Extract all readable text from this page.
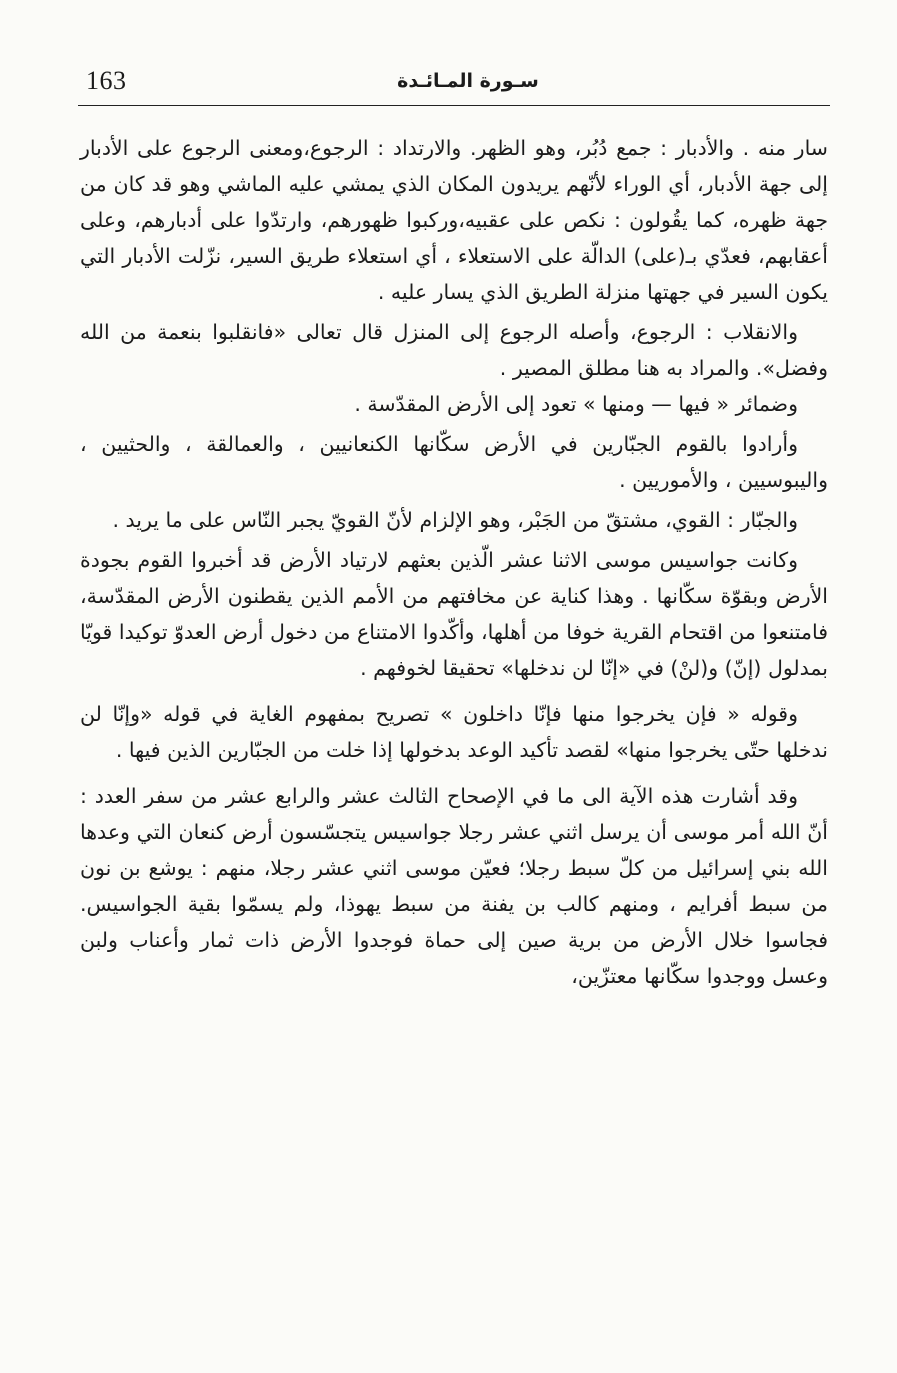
163	سـورة المـائـدة

سار منه . والأدبار : جمع دُبُر، وهو الظهر. والارتداد : الرجوع،ومعنى الرجوع على الأدبار إلى جهة الأدبار، أي الوراء لأنّهم يريدون المكان الذي يمشي عليه الماشي وهو قد كان من جهة ظهره، كما يقُولون : نكص على عقبيه،وركبوا ظهورهم، وارتدّوا على أدبارهم، وعلى أعقابهم، فعدّي بـ(على) الدالّة على الاستعلاء ، أي استعلاء طريق السير، نزّلت الأدبار التي يكون السير في جهتها منزلة الطريق الذي يسار عليه .

والانقلاب : الرجوع، وأصله الرجوع إلى المنزل قال تعالى «فانقلبوا بنعمة من الله وفضل». والمراد به هنا مطلق المصير .

وضمائر « فيها — ومنها » تعود إلى الأرض المقدّسة .

وأرادوا بالقوم الجبّارين في الأرض سكّانها الكنعانيين ، والعمالقة ، والحثيين ، واليبوسيين ، والأموريين .

والجبّار : القوي، مشتقّ من الجَبْر، وهو الإلزام لأنّ القويّ يجبر النّاس على ما يريد .

وكانت جواسيس موسى الاثنا عشر الّذين بعثهم لارتياد الأرض قد أخبروا القوم بجودة الأرض وبقوّة سكّانها . وهذا كناية عن مخافتهم من الأمم الذين يقطنون الأرض المقدّسة، فامتنعوا من اقتحام القرية خوفا من أهلها، وأكّدوا الامتناع من دخول أرض العدوّ توكيدا قويّا بمدلول (إنّ) و(لنْ) في «إنّا لن ندخلها» تحقيقا لخوفهم .

وقوله « فإن يخرجوا منها فإنّا داخلون » تصريح بمفهوم الغاية في قوله «وإنّا لن ندخلها حتّى يخرجوا منها» لقصد تأكيد الوعد بدخولها إذا خلت من الجبّارين الذين فيها .

وقد أشارت هذه الآية الى ما في الإصحاح الثالث عشر والرابع عشر من سفر العدد : أنّ الله أمر موسى أن يرسل اثني عشر رجلا جواسيس يتجسّسون أرض كنعان التي وعدها الله بني إسرائيل من كلّ سبط رجلا؛ فعيّن موسى اثني عشر رجلا، منهم : يوشع بن نون من سبط أفرايم ، ومنهم كالب بن يفنة من سبط يهوذا، ولم يسمّوا بقية الجواسيس. فجاسوا خلال الأرض من برية صين إلى حماة فوجدوا الأرض ذات ثمار وأعناب ولبن وعسل ووجدوا سكّانها معتزّين،
